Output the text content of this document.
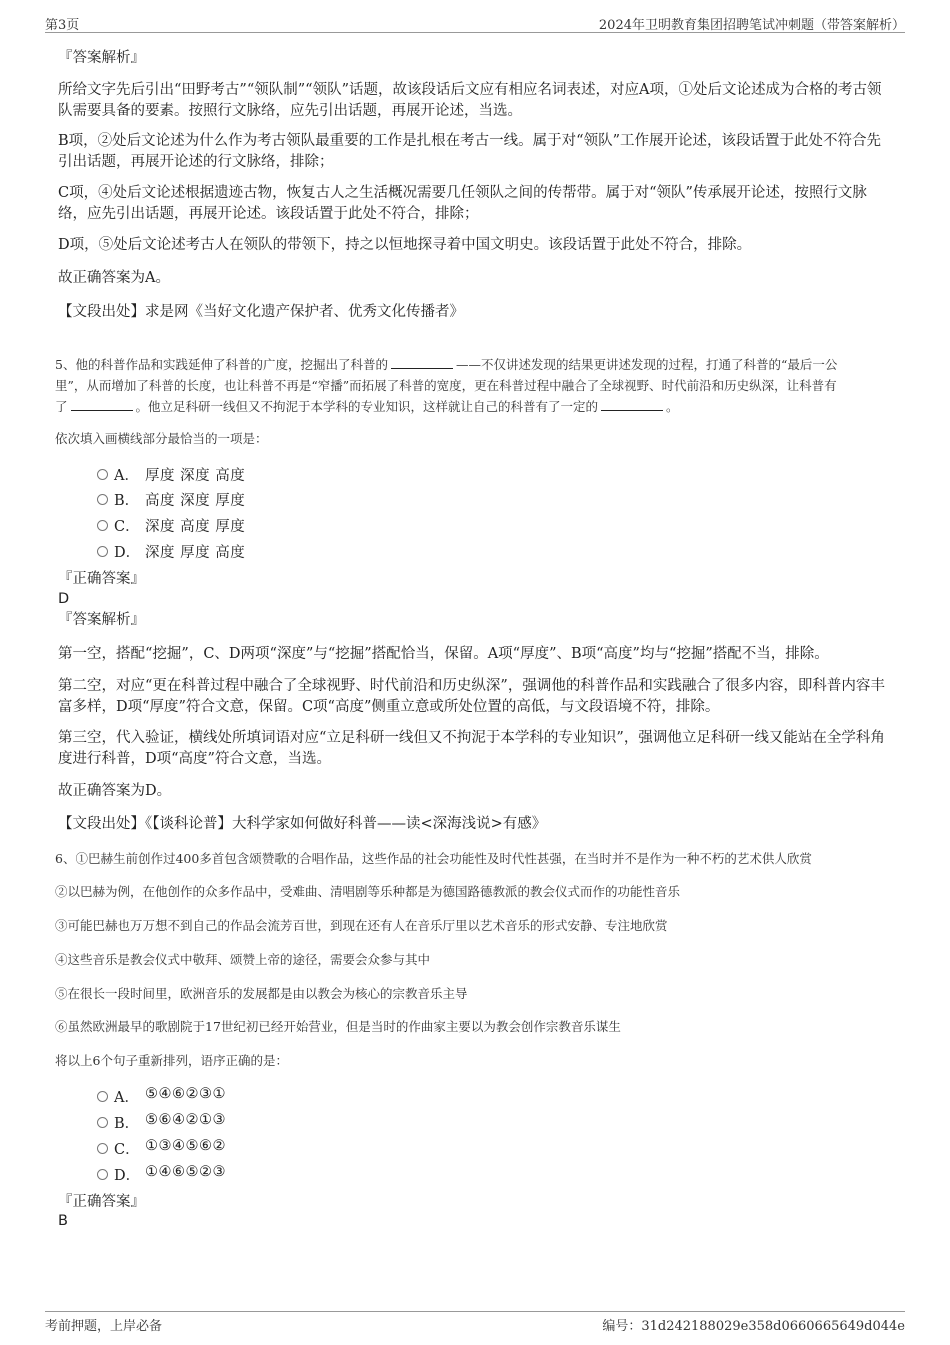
第3页	2024年卫明教育集团招聘笔试冲刺题（带答案解析）
『答案解析』
所给文字先后引出“田野考古”“领队制”“领队”话题，故该段话后文应有相应名词表述，对应A项，①处后文论述成为合格的考古领队需要具备的要素。按照行文脉络，应先引出话题，再展开论述，当选。
B项，②处后文论述为什么作为考古领队最重要的工作是扎根在考古一线。属于对“领队”工作展开论述，该段话置于此处不符合先引出话题，再展开论述的行文脉络，排除；
C项，④处后文论述根据遗迹古物，恢复古人之生活概况需要几任领队之间的传帮带。属于对“领队”传承展开论述，按照行文脉络，应先引出话题，再展开论述。该段话置于此处不符合，排除；
D项，⑤处后文论述考古人在领队的带领下，持之以恒地探寻着中国文明史。该段话置于此处不符合，排除。
故正确答案为A。
【文段出处】求是网《当好文化遗产保护者、优秀文化传播者》
5、他的科普作品和实践延伸了科普的广度，挖掘出了科普的	——不仅讲述发现的结果更讲述发现的过程，打通了科普的“最后一公
里”，从而增加了科普的长度，也让科普不再是“窄播”而拓展了科普的宽度，更在科普过程中融合了全球视野、时代前沿和历史纵深，让科普有
了	。他立足科研一线但又不拘泥于本学科的专业知识，这样就让自己的科普有了一定的	。
依次填入画横线部分最恰当的一项是：
A． 厚度 深度 高度
B． 高度 深度 厚度
C． 深度 高度 厚度
D． 深度 厚度 高度
『正确答案』
D
『答案解析』
第一空，搭配“挖掘”，C、D两项“深度”与“挖掘”搭配恰当，保留。A项“厚度”、B项“高度”均与“挖掘”搭配不当，排除。
第二空，对应“更在科普过程中融合了全球视野、时代前沿和历史纵深”，强调他的科普作品和实践融合了很多内容，即科普内容丰富多样，D项“厚度”符合文意，保留。C项“高度”侧重立意或所处位置的高低，与文段语境不符，排除。
第三空，代入验证，横线处所填词语对应“立足科研一线但又不拘泥于本学科的专业知识”，强调他立足科研一线又能站在全学科角度进行科普，D项“高度”符合文意，当选。
故正确答案为D。
【文段出处】《【谈科论普】大科学家如何做好科普——读<深海浅说>有感》
6、①巴赫生前创作过400多首包含颂赞歌的合唱作品，这些作品的社会功能性及时代性甚强，在当时并不是作为一种不朽的艺术供人欣赏
②以巴赫为例，在他创作的众多作品中，受难曲、清唱剧等乐种都是为德国路德教派的教会仪式而作的功能性音乐
③可能巴赫也万万想不到自己的作品会流芳百世，到现在还有人在音乐厅里以艺术音乐的形式安静、专注地欣赏
④这些音乐是教会仪式中敬拜、颂赞上帝的途径，需要会众参与其中
⑤在很长一段时间里，欧洲音乐的发展都是由以教会为核心的宗教音乐主导
⑥虽然欧洲最早的歌剧院于17世纪初已经开始营业，但是当时的作曲家主要以为教会创作宗教音乐谋生
将以上6个句子重新排列，语序正确的是：
A． ⑤④⑥②③①
B． ⑤⑥④②①③
C． ①③④⑤⑥②
D． ①④⑥⑤②③
『正确答案』
B
考前押题，上岸必备	编号：31d242188029e358d0660665649d044e
